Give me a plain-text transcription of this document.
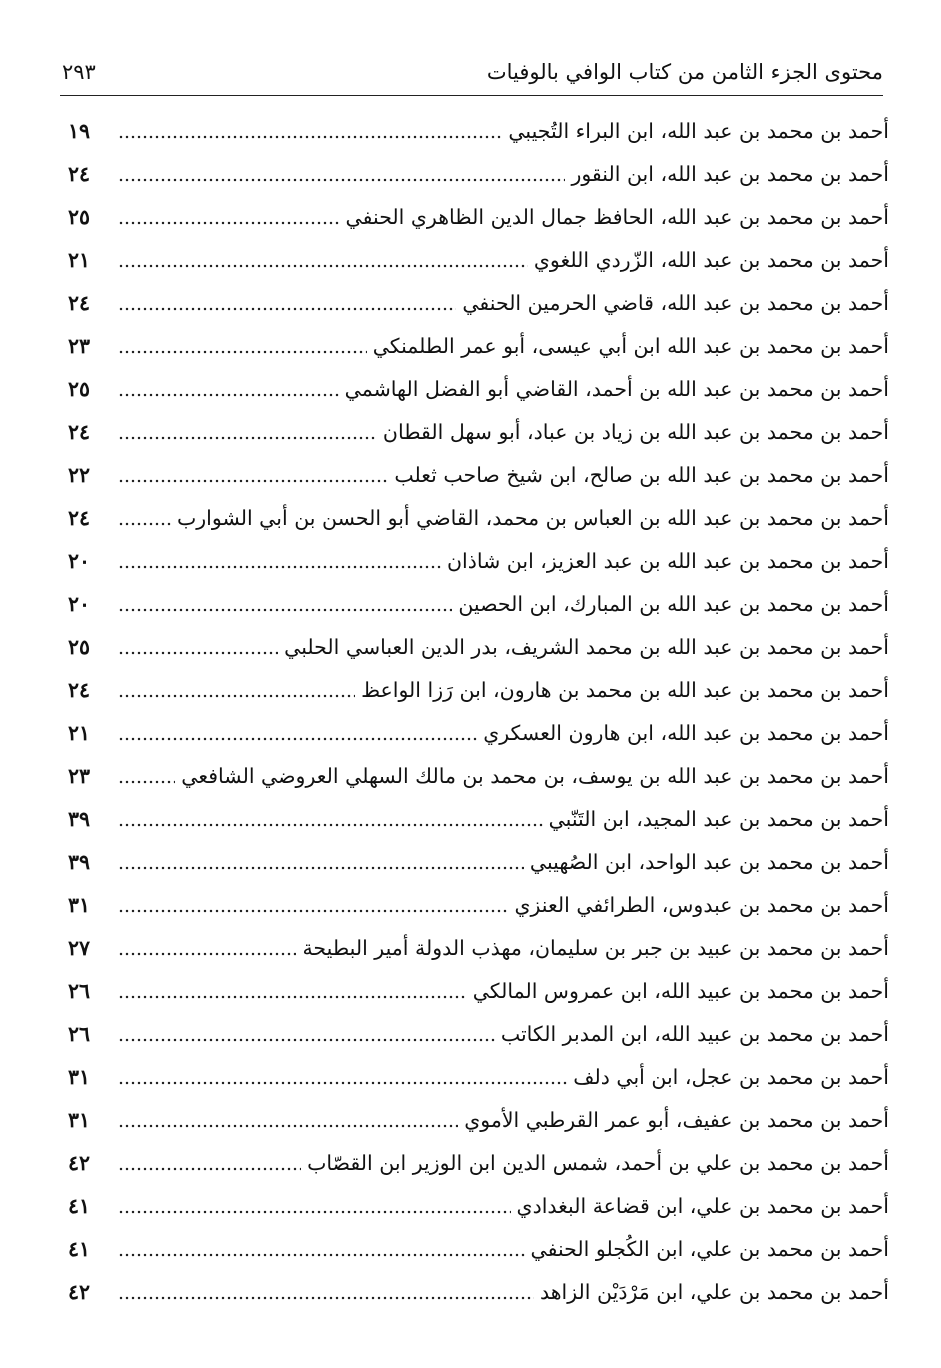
محتوى الجزء الثامن من كتاب الوافي بالوفيات
٢٩٣
أحمد بن محمد بن عبد الله، ابن البراء التُجيبي
١٩
أحمد بن محمد بن عبد الله، ابن النقور
٢٤
أحمد بن محمد بن عبد الله، الحافظ جمال الدين الظاهري الحنفي
٢٥
أحمد بن محمد بن عبد الله، الزّردي اللغوي
٢١
أحمد بن محمد بن عبد الله، قاضي الحرمين الحنفي
٢٤
أحمد بن محمد بن عبد الله ابن أبي عيسى، أبو عمر الطلمنكي
٢٣
أحمد بن محمد بن عبد الله بن أحمد، القاضي أبو الفضل الهاشمي
٢٥
أحمد بن محمد بن عبد الله بن زياد بن عباد، أبو سهل القطان
٢٤
أحمد بن محمد بن عبد الله بن صالح، ابن شيخ صاحب ثعلب
٢٢
أحمد بن محمد بن عبد الله بن العباس بن محمد، القاضي أبو الحسن بن أبي الشوارب
٢٤
أحمد بن محمد بن عبد الله بن عبد العزيز، ابن شاذان
٢٠
أحمد بن محمد بن عبد الله بن المبارك، ابن الحصين
٢٠
أحمد بن محمد بن عبد الله بن محمد الشريف، بدر الدين العباسي الحلبي
٢٥
أحمد بن محمد بن عبد الله بن محمد بن هارون، ابن رَزا الواعظ
٢٤
أحمد بن محمد بن عبد الله، ابن هارون العسكري
٢١
أحمد بن محمد بن عبد الله بن يوسف، بن محمد بن مالك السهلي العروضي الشافعي
٢٣
أحمد بن محمد بن عبد المجيد، ابن التَنّبي
٣٩
أحمد بن محمد بن عبد الواحد، ابن الصُهيبي
٣٩
أحمد بن محمد بن عبدوس، الطرائفي العنزي
٣١
أحمد بن محمد بن عبيد بن جبر بن سليمان، مهذب الدولة أمير البطيحة
٢٧
أحمد بن محمد بن عبيد الله، ابن عمروس المالكي
٢٦
أحمد بن محمد بن عبيد الله، ابن المدبر الكاتب
٢٦
أحمد بن محمد بن عجل، ابن أبي دلف
٣١
أحمد بن محمد بن عفيف، أبو عمر القرطبي الأموي
٣١
أحمد بن محمد بن علي بن أحمد، شمس الدين ابن الوزير ابن القصّاب
٤٢
أحمد بن محمد بن علي، ابن قضاعة البغدادي
٤١
أحمد بن محمد بن علي، ابن الكُجلو الحنفي
٤١
أحمد بن محمد بن علي، ابن مَرْدَيْن الزاهد
٤٢
